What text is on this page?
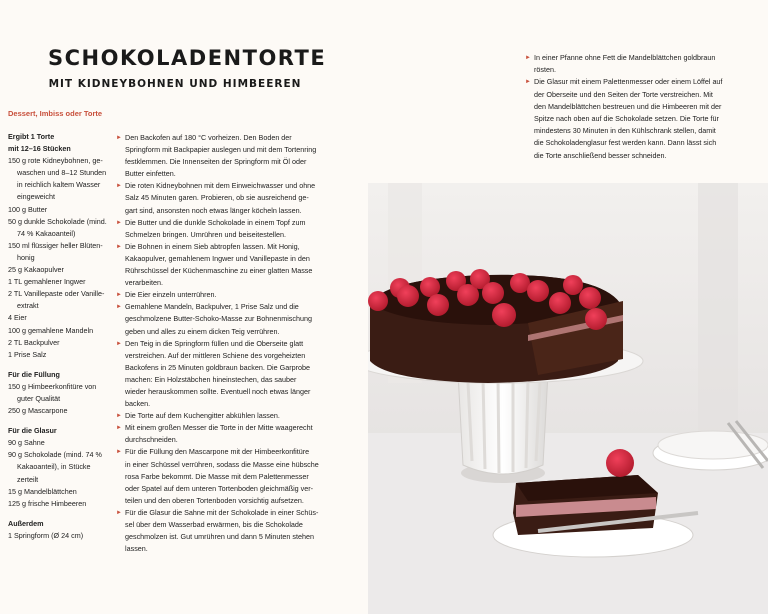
SCHOKOLADENTORTE
MIT KIDNEYBOHNEN UND HIMBEEREN
Dessert, Imbiss oder Torte
Ergibt 1 Torte
mit 12–16 Stücken
150 g rote Kidneybohnen, ge-
waschen und 8–12 Stunden
in reichlich kaltem Wasser
eingeweicht
100 g Butter
50 g dunkle Schokolade (mind.
74 % Kakaoanteil)
150 ml flüssiger heller Blüten-
honig
25 g Kakaopulver
1 TL gemahlener Ingwer
2 TL Vanillepaste oder Vanille-
extrakt
4 Eier
100 g gemahlene Mandeln
2 TL Backpulver
1 Prise Salz
Für die Füllung
150 g Himbeerkonfitüre von
guter Qualität
250 g Mascarpone
Für die Glasur
90 g Sahne
90 g Schokolade (mind. 74 %
Kakaoanteil), in Stücke
zerteilt
15 g Mandelblättchen
125 g frische Himbeeren
Außerdem
1 Springform (Ø 24 cm)
► Den Backofen auf 180 °C vorheizen. Den Boden der
Springform mit Backpapier auslegen und mit dem Tortenring
festklemmen. Die Innenseiten der Springform mit Öl oder
Butter einfetten.
► Die roten Kidneybohnen mit dem Einweichwasser und ohne
Salz 45 Minuten garen. Probieren, ob sie ausreichend ge-
gart sind, ansonsten noch etwas länger köcheln lassen.
► Die Butter und die dunkle Schokolade in einem Topf zum
Schmelzen bringen. Umrühren und beiseitestellen.
► Die Bohnen in einem Sieb abtropfen lassen. Mit Honig,
Kakaopulver, gemahlenem Ingwer und Vanillepaste in den
Rührschüssel der Küchenmaschine zu einer glatten Masse
verarbeiten.
► Die Eier einzeln unterrühren.
► Gemahlene Mandeln, Backpulver, 1 Prise Salz und die
geschmolzene Butter-Schoko-Masse zur Bohnenmischung
geben und alles zu einem dicken Teig verrühren.
► Den Teig in die Springform füllen und die Oberseite glatt
verstreichen. Auf der mittleren Schiene des vorgeheizten
Backofens in 25 Minuten goldbraun backen. Die Garprobe
machen: Ein Holzstäbchen hineinstechen, das sauber
wieder herauskommen sollte. Eventuell noch etwas länger
backen.
► Die Torte auf dem Kuchengitter abkühlen lassen.
► Mit einem großen Messer die Torte in der Mitte waagerecht
durchschneiden.
► Für die Füllung den Mascarpone mit der Himbeerkonfitüre
in einer Schüssel verrühren, sodass die Masse eine hübsche
rosa Farbe bekommt. Die Masse mit dem Palettenmesser
oder Spatel auf dem unteren Tortenboden gleichmäßig ver-
teilen und den oberen Tortenboden vorsichtig aufsetzen.
► Für die Glasur die Sahne mit der Schokolade in einer Schüs-
sel über dem Wasserbad erwärmen, bis die Schokolade
geschmolzen ist. Gut umrühren und dann 5 Minuten stehen
lassen.
► In einer Pfanne ohne Fett die Mandelblättchen goldbraun
rösten.
► Die Glasur mit einem Palettenmesser oder einem Löffel auf
der Oberseite und den Seiten der Torte verstreichen. Mit
den Mandelblättchen bestreuen und die Himbeeren mit der
Spitze nach oben auf die Schokolade setzen. Die Torte für
mindestens 30 Minuten in den Kühlschrank stellen, damit
die Schokoladenglasur fest werden kann. Dann lässt sich
die Torte anschließend besser schneiden.
